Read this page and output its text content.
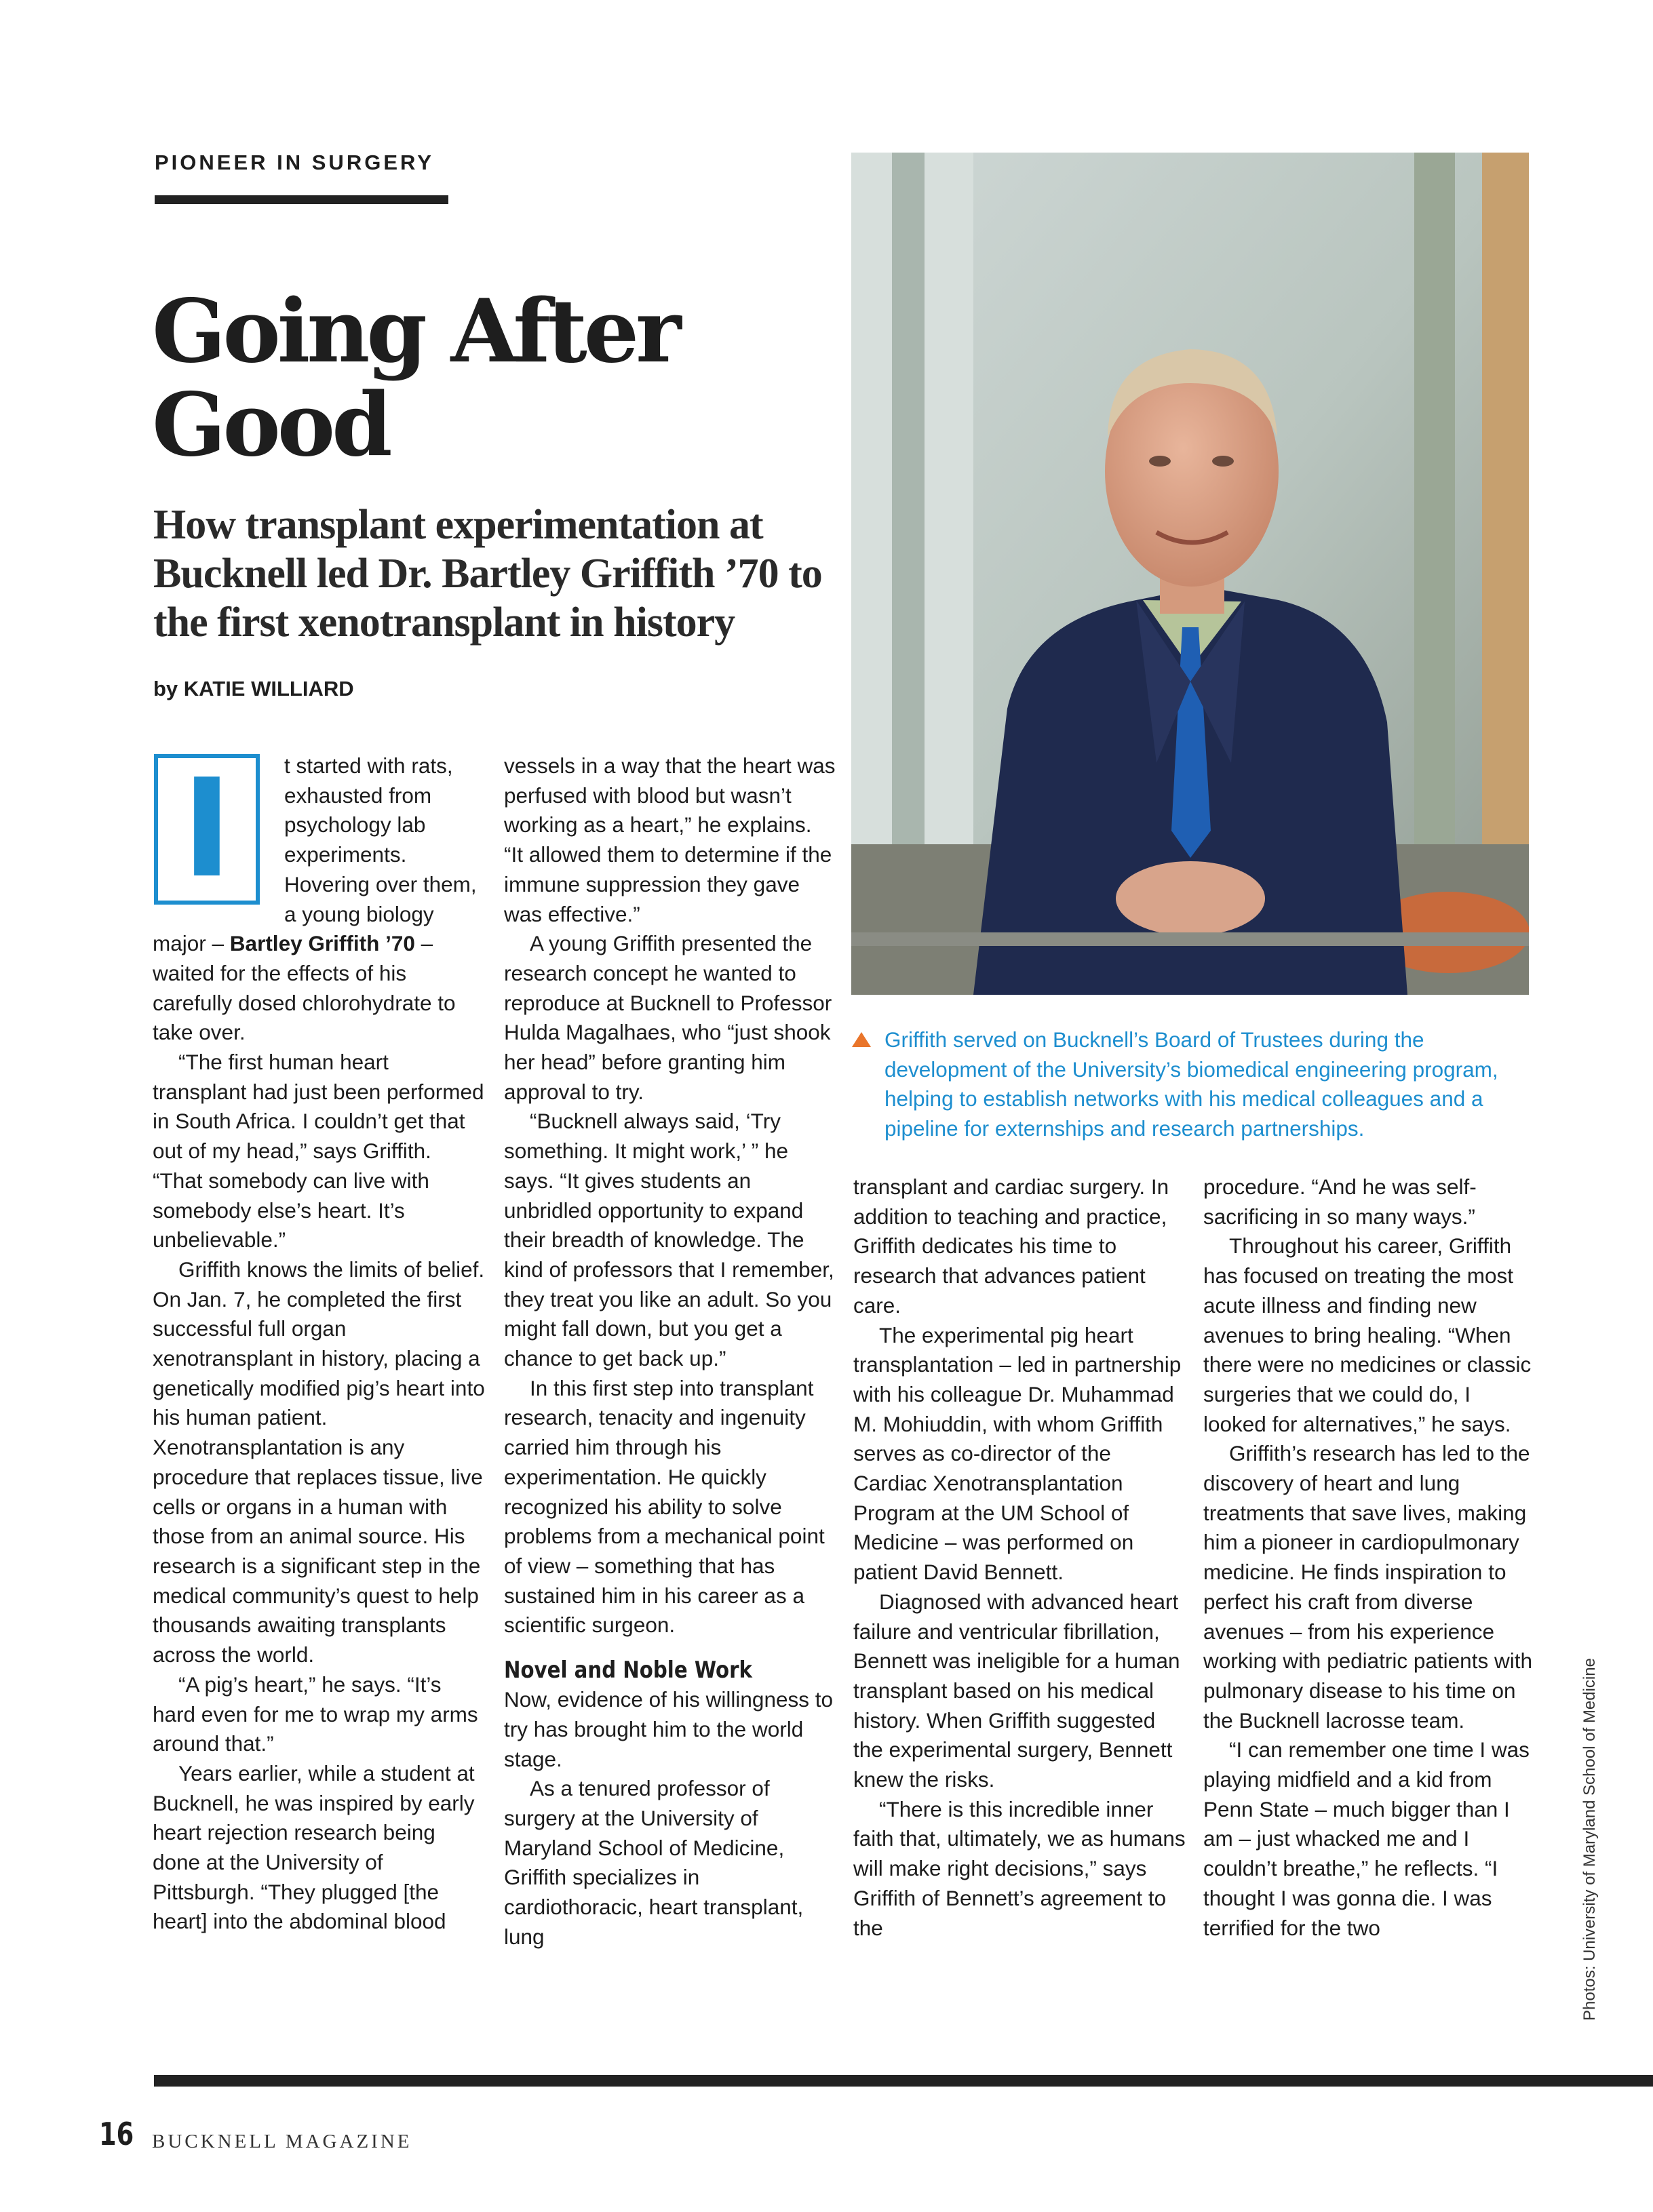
PIONEER IN SURGERY
Going After Good
How transplant experimentation at Bucknell led Dr. Bartley Griffith ’70 to the first xenotransplant in history
by KATIE WILLIARD
I	t started with rats, exhausted from psychology lab experiments. Hovering over them, a young biology major – Bartley Griffith ’70 – waited for the effects of his carefully dosed chlorohydrate to take over.

“The first human heart transplant had just been performed in South Africa. I couldn’t get that out of my head,” says Griffith. “That somebody can live with somebody else’s heart. It’s unbelievable.”

Griffith knows the limits of belief. On Jan. 7, he completed the first successful full organ xenotransplant in history, placing a genetically modified pig’s heart into his human patient. Xenotransplantation is any procedure that replaces tissue, live cells or organs in a human with those from an animal source. His research is a significant step in the medical community’s quest to help thousands awaiting transplants across the world.

“A pig’s heart,” he says. “It’s hard even for me to wrap my arms around that.”

Years earlier, while a student at Bucknell, he was inspired by early heart rejection research being done at the University of Pittsburgh. “They plugged [the heart] into the abdominal blood

vessels in a way that the heart was perfused with blood but wasn’t working as a heart,” he explains. “It allowed them to determine if the immune suppression they gave was effective.”

A young Griffith presented the research concept he wanted to reproduce at Bucknell to Professor Hulda Magalhaes, who “just shook her head” before granting him approval to try.

“Bucknell always said, ‘Try something. It might work,’ ” he says. “It gives students an unbridled opportunity to expand their breadth of knowledge. The kind of professors that I remember, they treat you like an adult. So you might fall down, but you get a chance to get back up.”

In this first step into transplant research, tenacity and ingenuity carried him through his experimentation. He quickly recognized his ability to solve problems from a mechanical point of view – something that has sustained him in his career as a scientific surgeon.

Novel and Noble Work

Now, evidence of his willingness to try has brought him to the world stage.

As a tenured professor of surgery at the University of Maryland School of Medicine, Griffith specializes in cardiothoracic, heart transplant, lung

Griffith served on Bucknell’s Board of Trustees during the development of the University’s biomedical engineering program, helping to establish networks with his medical colleagues and a pipeline for externships and research partnerships.

transplant and cardiac surgery. In addition to teaching and practice, Griffith dedicates his time to research that advances patient care.

The experimental pig heart transplantation – led in partnership with his colleague Dr. Muhammad M. Mohiuddin, with whom Griffith serves as co-director of the Cardiac Xenotransplantation Program at the UM School of Medicine – was performed on patient David Bennett.

Diagnosed with advanced heart failure and ventricular fibrillation, Bennett was ineligible for a human transplant based on his medical history. When Griffith suggested the experimental surgery, Bennett knew the risks.

“There is this incredible inner faith that, ultimately, we as humans will make right decisions,” says Griffith of Bennett’s agreement to the

procedure. “And he was self-sacrificing in so many ways.”

Throughout his career, Griffith has focused on treating the most acute illness and finding new avenues to bring healing. “When there were no medicines or classic surgeries that we could do, I looked for alternatives,” he says.

Griffith’s research has led to the discovery of heart and lung treatments that save lives, making him a pioneer in cardiopulmonary medicine. He finds inspiration to perfect his craft from diverse avenues – from his experience working with pediatric patients with pulmonary disease to his time on the Bucknell lacrosse team.

“I can remember one time I was playing midfield and a kid from Penn State – much bigger than I am – just whacked me and I couldn’t breathe,” he reflects. “I thought I was gonna die. I was terrified for the two	Photos: University of Maryland School of Medicine
16 BUCKNELL MAGAZINE
